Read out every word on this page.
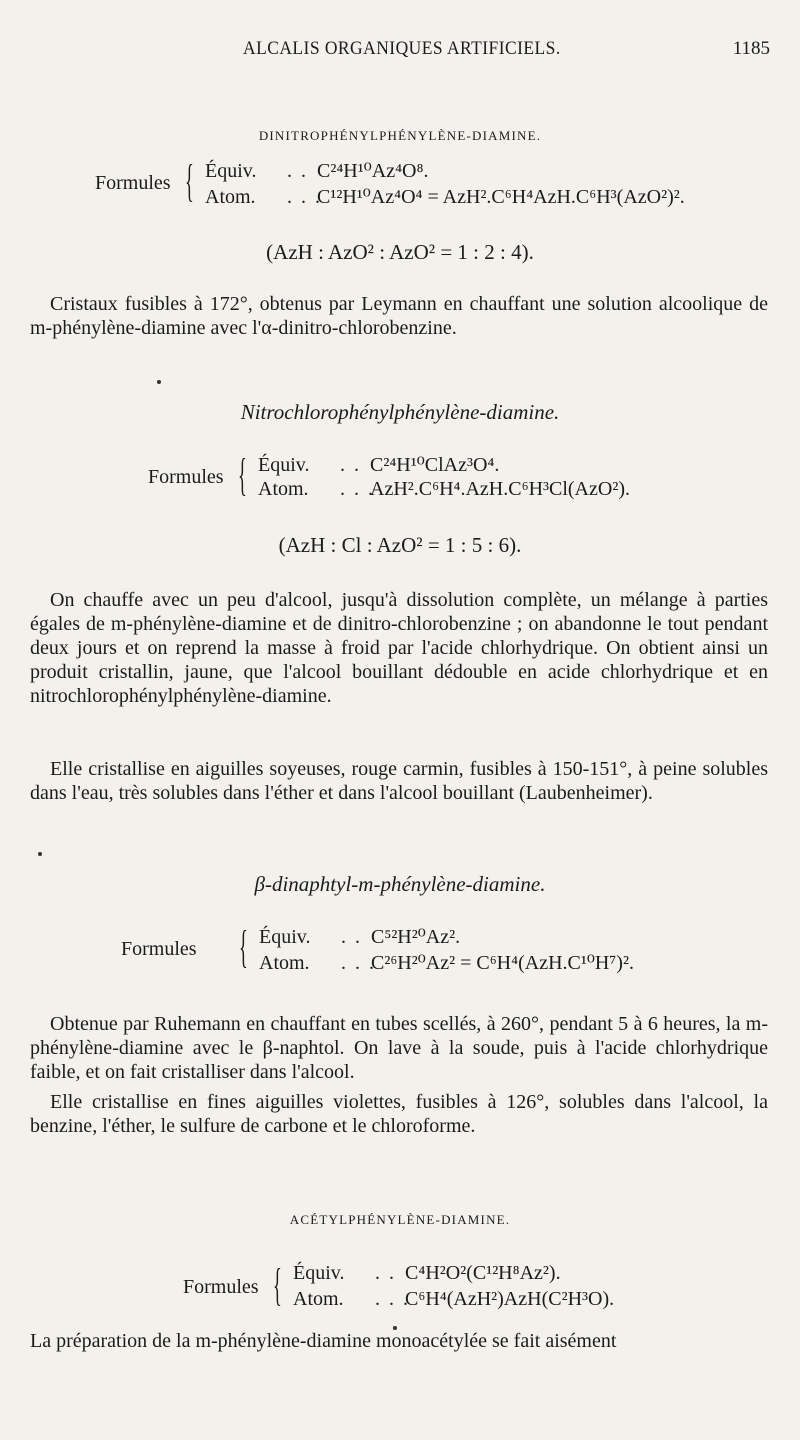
ALCALIS ORGANIQUES ARTIFICIELS.	1185
DINITROPHÉNYLPHÉNYLÈNE-DIAMINE.
Formules { Équiv. . . C²⁴H¹⁰Az⁴O⁸.
Atom. . . .C¹²H¹⁰Az⁴O⁴ = AzH².C⁶H⁴AzH.C⁶H³(AzO²)².
(AzH : AzO² : AzO² = 1 : 2 : 4).

Cristaux fusibles à 172°, obtenus par Leymann en chauffant une solution alcoolique de m-phénylène-diamine avec l'α-dinitro-chlorobenzine.

Nitrochlorophénylphénylène-diamine.
Formules { Équiv. . . C²⁴H¹⁰ClAz³O⁴.
Atom. . . .AzH².C⁶H⁴.AzH.C⁶H³Cl(AzO²).
(AzH : Cl : AzO² = 1 : 5 : 6).

On chauffe avec un peu d'alcool, jusqu'à dissolution complète, un mélange à parties égales de m-phénylène-diamine et de dinitro-chlorobenzine ; on abandonne le tout pendant deux jours et on reprend la masse à froid par l'acide chlorhydrique. On obtient ainsi un produit cristallin, jaune, que l'alcool bouillant dédouble en acide chlorhydrique et en nitrochlorophénylphénylène-diamine.

Elle cristallise en aiguilles soyeuses, rouge carmin, fusibles à 150-151°, à peine solubles dans l'eau, très solubles dans l'éther et dans l'alcool bouillant (Laubenheimer).

β-dinaphtyl-m-phénylène-diamine.
Formules { Équiv. . . C⁵²H²⁰Az².
Atom. . . .C²⁶H²⁰Az² = C⁶H⁴(AzH.C¹⁰H⁷)².

Obtenue par Ruhemann en chauffant en tubes scellés, à 260°, pendant 5 à 6 heures, la m-phénylène-diamine avec le β-naphtol. On lave à la soude, puis à l'acide chlorhydrique faible, et on fait cristalliser dans l'alcool.

Elle cristallise en fines aiguilles violettes, fusibles à 126°, solubles dans l'alcool, la benzine, l'éther, le sulfure de carbone et le chloroforme.

ACÉTYLPHÉNYLÈNE-DIAMINE.
Formules { Équiv. . . C⁴H²O²(C¹²H⁸Az²).
Atom. . . .C⁶H⁴(AzH²)AzH(C²H³O).

La préparation de la m-phénylène-diamine monoacétylée se fait aisément
